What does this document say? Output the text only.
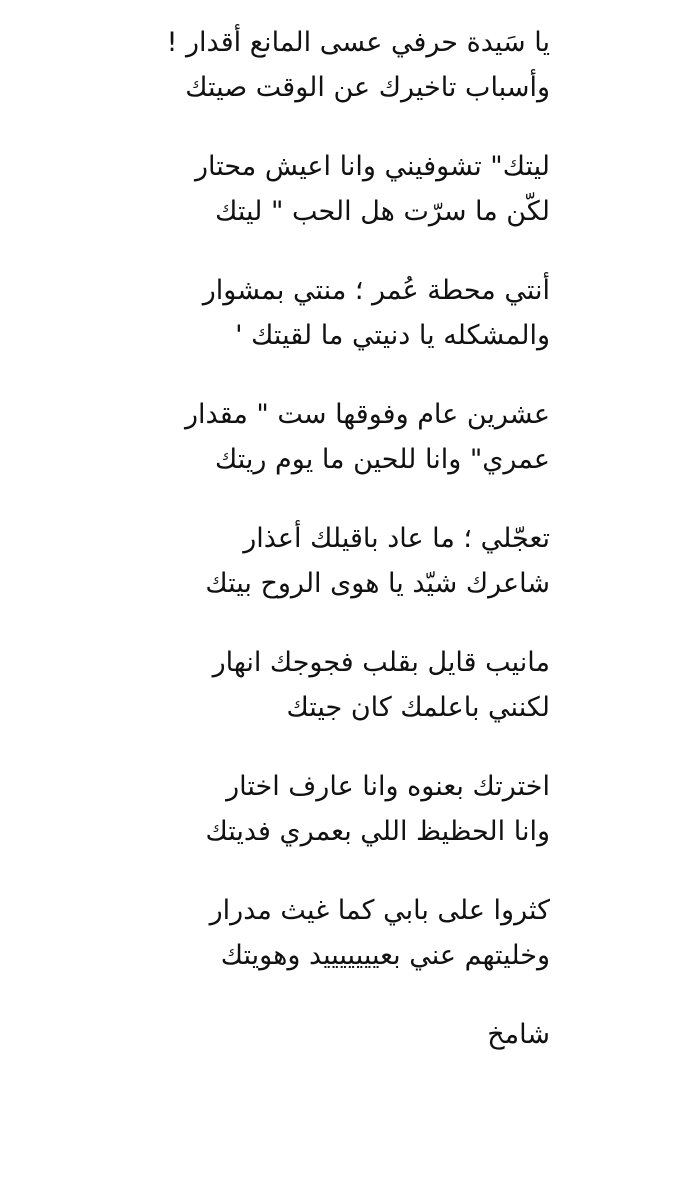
يا سَيدة حرفي عسى المانع أقدار !
وأسباب تاخيرك عن الوقت صيتك
ليتك" تشوفيني وانا اعيش محتار
لكّن ما سرّت هل الحب " ليتك
أنتي محطة عُمر ؛ منتي بمشوار
والمشكله يا دنيتي ما لقيتك '
عشرين عام وفوقها ست " مقدار
عمري" وانا للحين ما يوم ريتك
تعجّلي ؛ ما عاد باقيلك أعذار
شاعرك شيّد يا هوى الروح بيتك
مانيب قايل بقلب فجوجك انهار
لكنني باعلمك كان جيتك
اخترتك بعنوه وانا عارف اختار
وانا الحظيظ اللي بعمري فديتك
كثروا على بابي كما غيث مدرار
وخليتهم عني بعيييييييد وهويتك
شامخ
